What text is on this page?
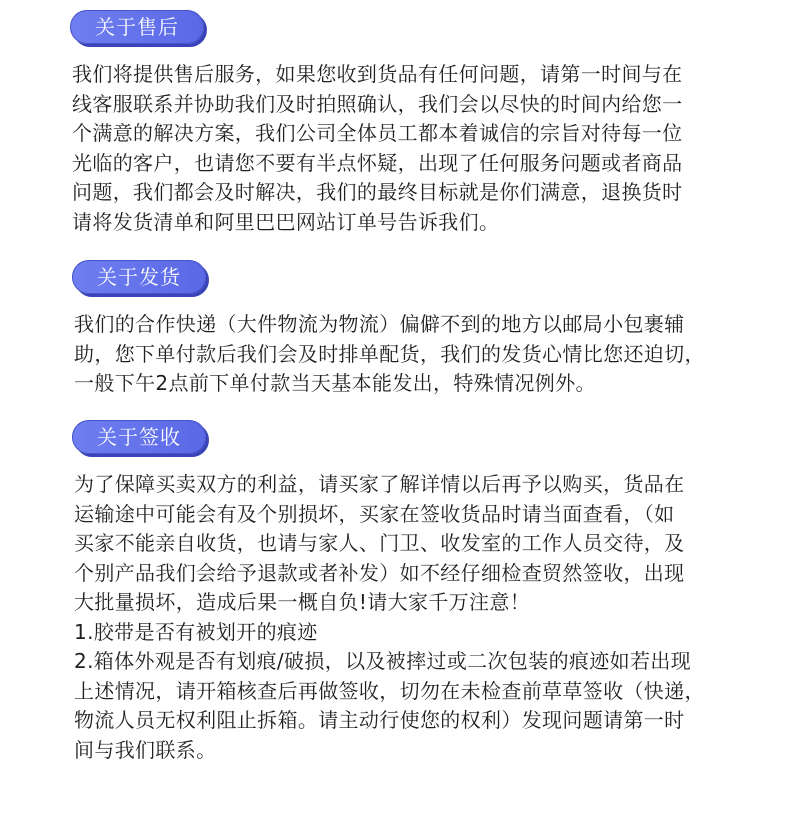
关于售后
我们将提供售后服务，如果您收到货品有任何问题，请第一时间与在
线客服联系并协助我们及时拍照确认，我们会以尽快的时间内给您一
个满意的解决方案，我们公司全体员工都本着诚信的宗旨对待每一位
光临的客户，也请您不要有半点怀疑，出现了任何服务问题或者商品
问题，我们都会及时解决，我们的最终目标就是你们满意，退换货时
请将发货清单和阿里巴巴网站订单号告诉我们。
关于发货
我们的合作快递（大件物流为物流）偏僻不到的地方以邮局小包裹辅
助，您下单付款后我们会及时排单配货，我们的发货心情比您还迫切，
一般下午2点前下单付款当天基本能发出，特殊情况例外。
关于签收
为了保障买卖双方的利益，请买家了解详情以后再予以购买，货品在
运输途中可能会有及个别损坏，买家在签收货品时请当面查看，（如
买家不能亲自收货，也请与家人、门卫、收发室的工作人员交待，及
个别产品我们会给予退款或者补发）如不经仔细检查贸然签收，出现
大批量损坏，造成后果一概自负!请大家千万注意！
1.胶带是否有被划开的痕迹
2.箱体外观是否有划痕/破损，以及被摔过或二次包装的痕迹如若出现
上述情况，请开箱核查后再做签收，切勿在未检查前草草签收（快递，
物流人员无权利阻止拆箱。请主动行使您的权利）发现问题请第一时
间与我们联系。
